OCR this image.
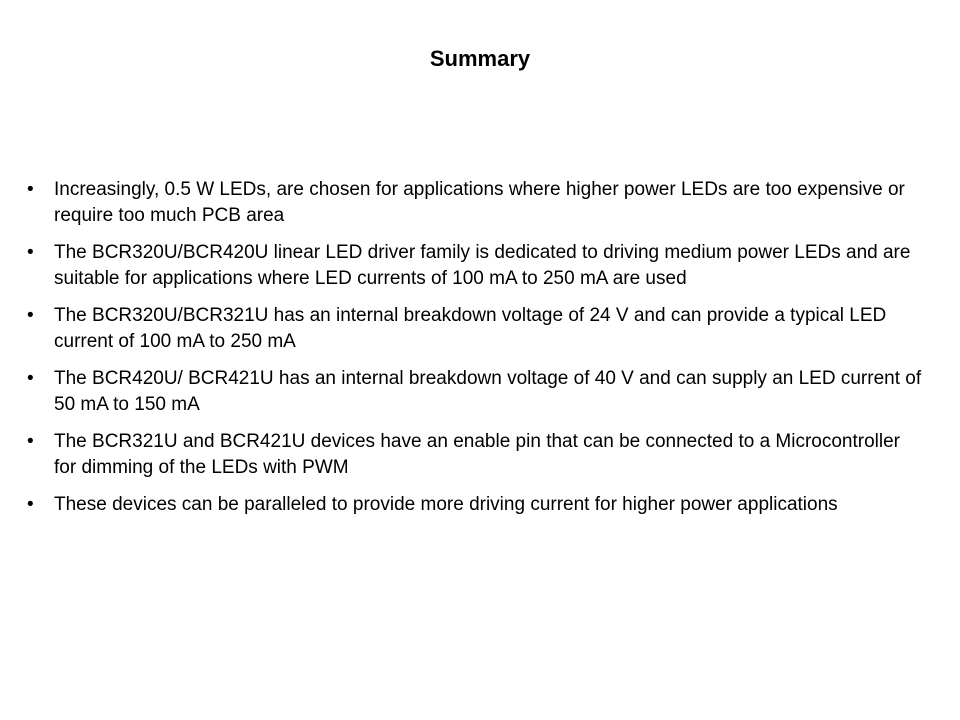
Summary
•	Increasingly, 0.5 W LEDs, are chosen for applications where higher power LEDs are too expensive or require too much PCB area
•	The BCR320U/BCR420U linear LED driver family is dedicated to driving medium power LEDs and are suitable for applications where LED currents of 100 mA to 250 mA are used
•	The BCR320U/BCR321U has an internal breakdown voltage of 24 V and can provide a typical LED current of 100 mA to 250 mA
•	The BCR420U/ BCR421U has an internal breakdown voltage of 40 V and can supply an LED current of 50 mA to 150 mA
•	The BCR321U and BCR421U devices have an enable pin that can be connected to a Microcontroller for dimming of the LEDs with PWM
•	These devices can be paralleled to provide more driving current for higher power applications
